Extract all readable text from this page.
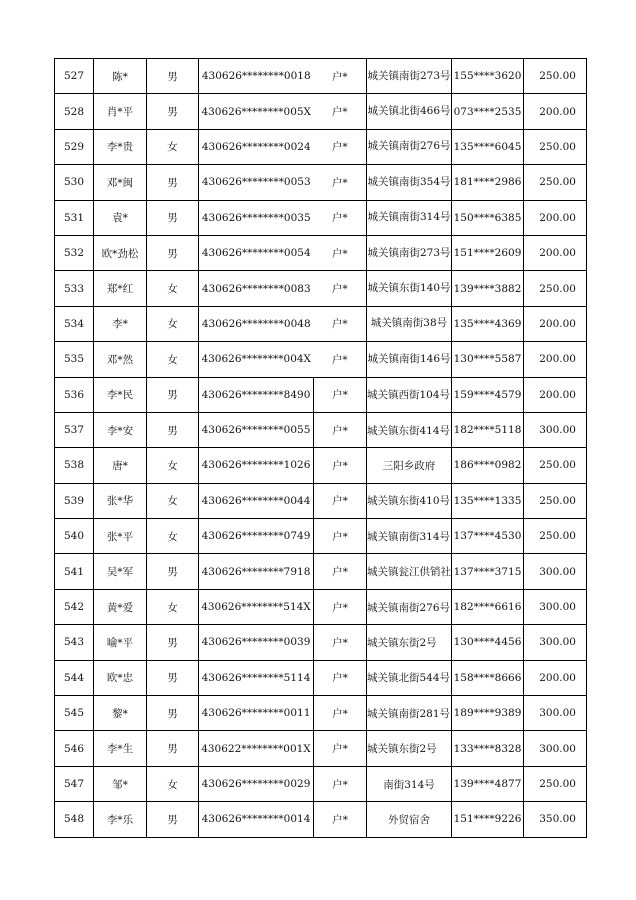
527	陈*	男	430626********0018	户*	城关镇南街273号	155****3620	250.00
528	肖*平	男	430626********005X	户*	城关镇北街466号	073****2535	200.00
529	李*贵	女	430626********0024	户*	城关镇南街276号	135****6045	250.00
530	邓*闽	男	430626********0053	户*	城关镇南街354号	181****2986	250.00
531	袁*	男	430626********0035	户*	城关镇南街314号	150****6385	200.00
532	欧*劲松	男	430626********0054	户*	城关镇南街273号	151****2609	200.00
533	郑*红	女	430626********0083	户*	城关镇东街140号	139****3882	250.00
534	李*	女	430626********0048	户*	城关镇南街38号	135****4369	200.00
535	邓*然	女	430626********004X	户*	城关镇南街146号	130****5587	200.00
536	李*民	男	430626********8490	户*	城关镇西街104号	159****4579	200.00
537	李*安	男	430626********0055	户*	城关镇东街414号	182****5118	300.00
538	唐*	女	430626********1026	户*	三阳乡政府	186****0982	250.00
539	张*华	女	430626********0044	户*	城关镇东街410号	135****1335	250.00
540	张*平	女	430626********0749	户*	城关镇南街314号	137****4530	250.00
541	吴*军	男	430626********7918	户*	城关镇瓮江供销社	137****3715	300.00
542	黄*爱	女	430626********514X	户*	城关镇南街276号	182****6616	300.00
543	喻*平	男	430626********0039	户*	城关镇东街2号	130****4456	300.00
544	欧*忠	男	430626********5114	户*	城关镇北街544号	158****8666	200.00
545	黎*	男	430626********0011	户*	城关镇南街281号	189****9389	300.00
546	李*生	男	430622********001X	户*	城关镇东街2号	133****8328	300.00
547	邹*	女	430626********0029	户*	南街314号	139****4877	250.00
548	李*乐	男	430626********0014	户*	外贸宿舍	151****9226	350.00
